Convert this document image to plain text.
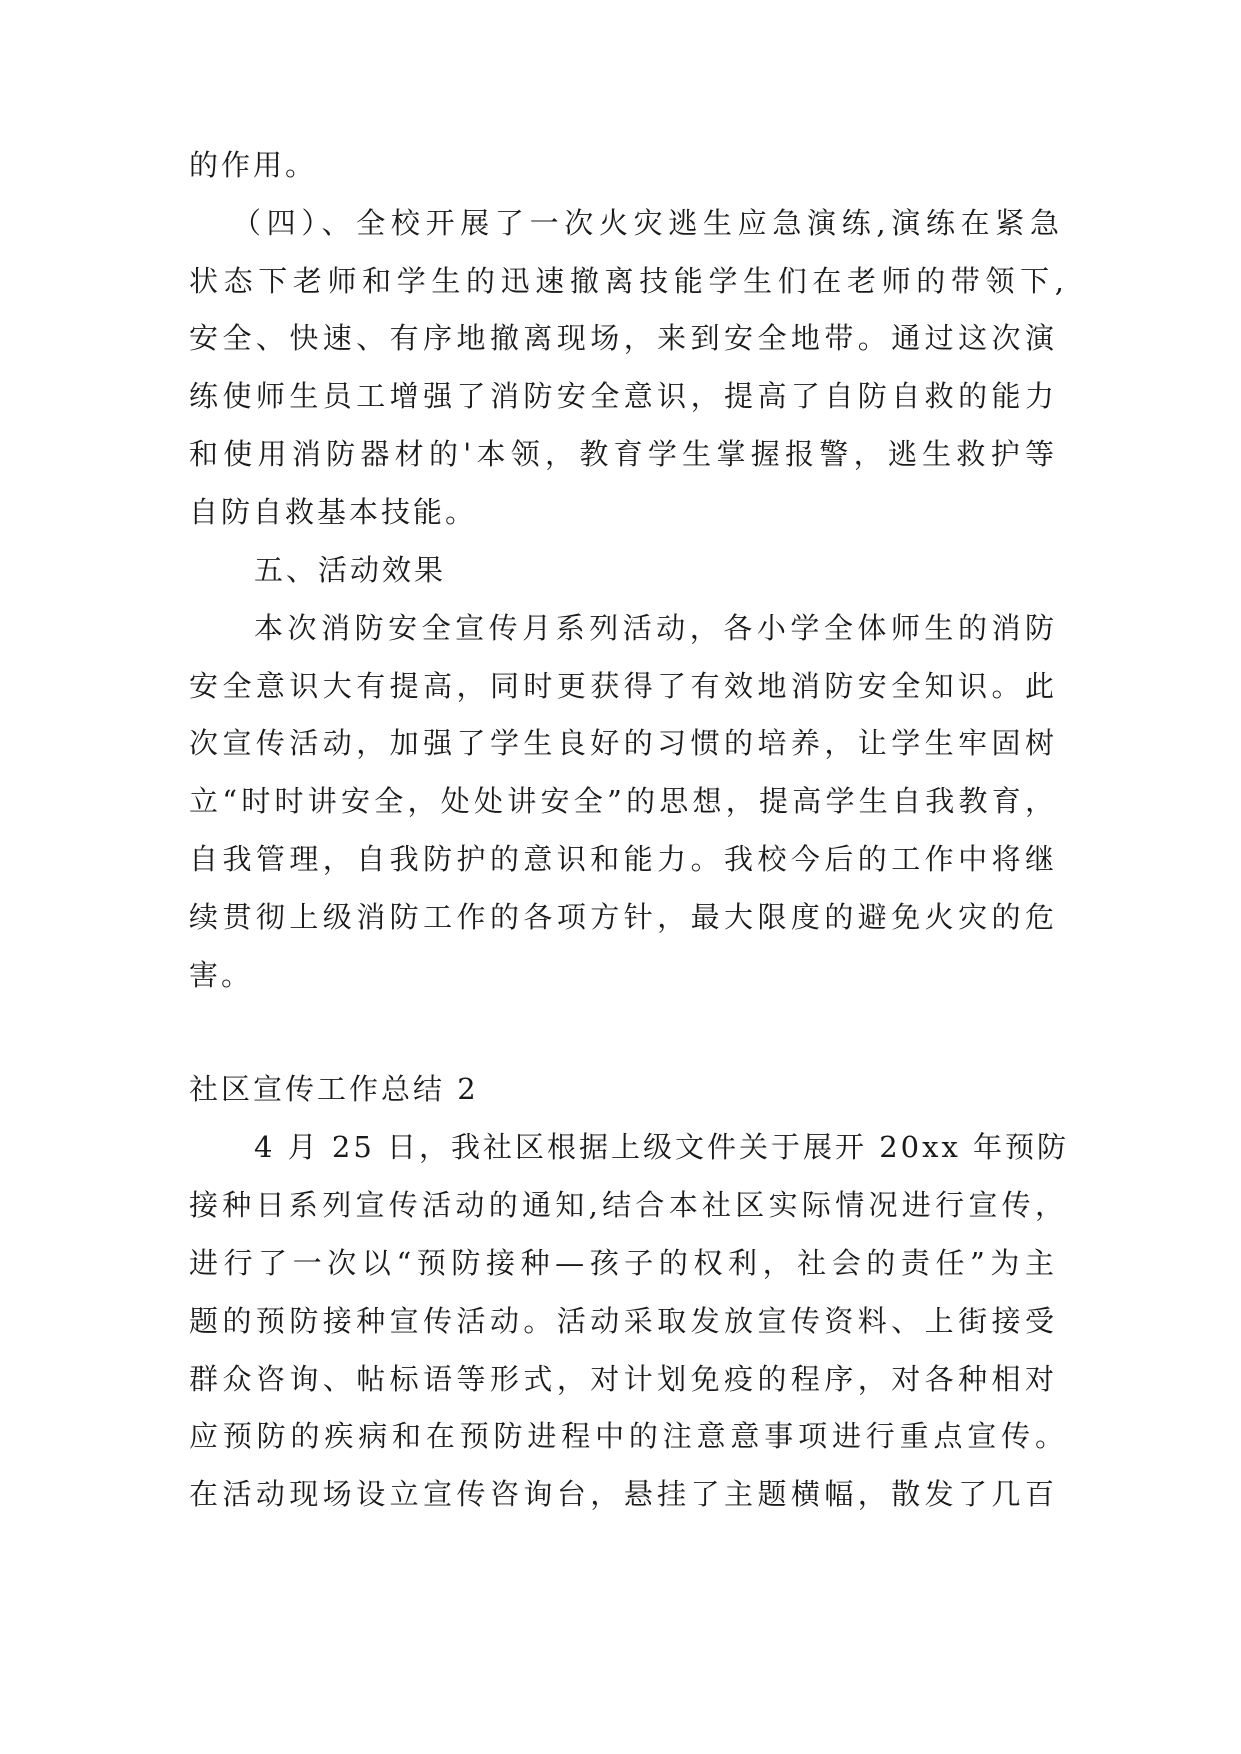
的作用。

（四）、全校开展了一次火灾逃生应急演练,演练在紧急

状态下老师和学生的迅速撤离技能学生们在老师的带领下,

安全、快速、有序地撤离现场，来到安全地带。通过这次演

练使师生员工增强了消防安全意识，提高了自防自救的能力

和使用消防器材的'本领，教育学生掌握报警，逃生救护等

自防自救基本技能。

五、活动效果

本次消防安全宣传月系列活动，各小学全体师生的消防

安全意识大有提高，同时更获得了有效地消防安全知识。此

次宣传活动，加强了学生良好的习惯的培养，让学生牢固树

立“时时讲安全，处处讲安全”的思想，提高学生自我教育，

自我管理，自我防护的意识和能力。我校今后的工作中将继

续贯彻上级消防工作的各项方针，最大限度的避免火灾的危

害。

社区宣传工作总结 2

4 月 25 日，我社区根据上级文件关于展开 20xx 年预防

接种日系列宣传活动的通知,结合本社区实际情况进行宣传，

进行了一次以“预防接种—孩子的权利，社会的责任”为主

题的预防接种宣传活动。活动采取发放宣传资料、上街接受

群众咨询、帖标语等形式，对计划免疫的程序，对各种相对

应预防的疾病和在预防进程中的注意意事项进行重点宣传。

在活动现场设立宣传咨询台，悬挂了主题横幅，散发了几百
